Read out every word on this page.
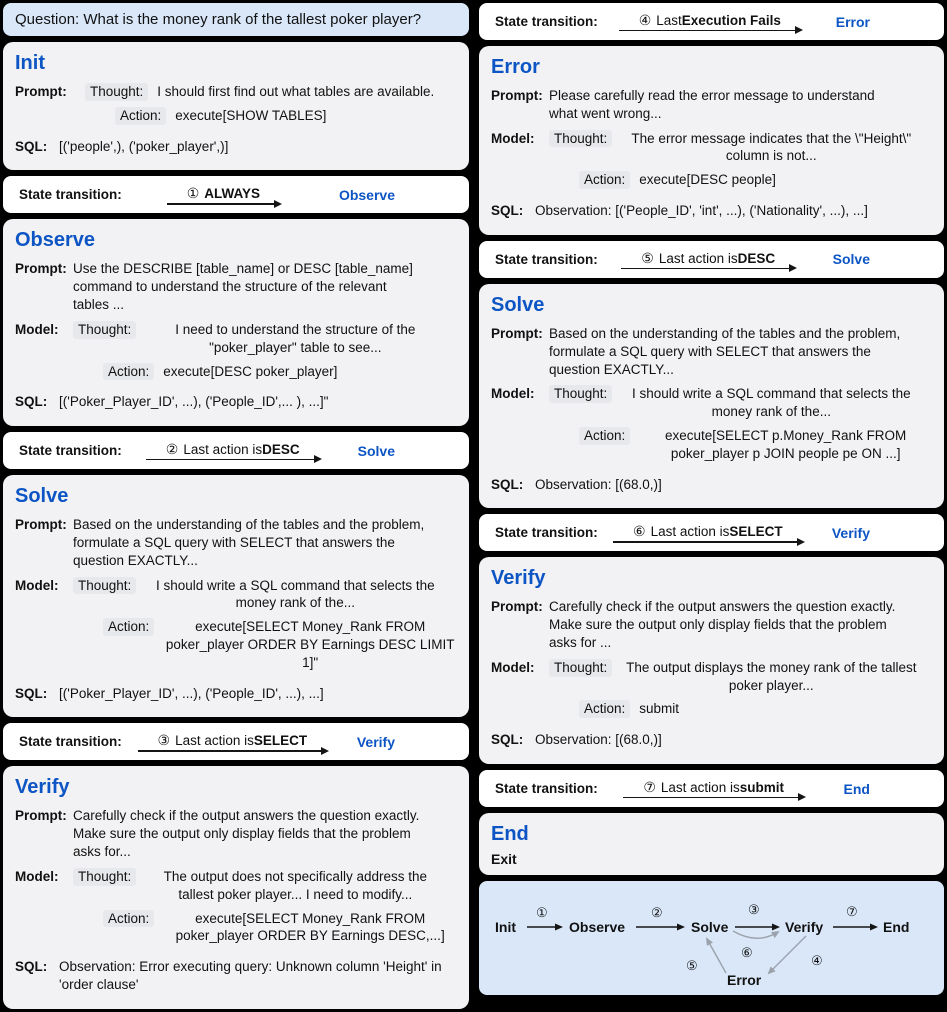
Question: What is the money rank of the tallest poker player?
Init
Prompt:	Thought:	I should first find out what tables are available.
Action:	execute[SHOW TABLES]
SQL: [('people',), ('poker_player',)]
State transition:	① ALWAYS	Observe
Observe
Prompt: Use the DESCRIBE [table_name] or DESC [table_name] command to understand the structure of the relevant tables ...
Model:	Thought:	I need to understand the structure of the "poker_player" table to see...
Action:	execute[DESC poker_player]
SQL: [('Poker_Player_ID', ...), ('People_ID',... ), ...]"
State transition:	② Last action is DESC	Solve
Solve
Prompt: Based on the understanding of the tables and the problem, formulate a SQL query with SELECT that answers the question EXACTLY...
Model:	Thought:	I should write a SQL command that selects the money rank of the...
Action:	execute[SELECT Money_Rank FROM poker_player ORDER BY Earnings DESC LIMIT 1]"
SQL: [('Poker_Player_ID', ...), ('People_ID', ...), ...]
State transition:	③ Last action is SELECT	Verify
Verify
Prompt: Carefully check if the output answers the question exactly. Make sure the output only display fields that the problem asks for...
Model:	Thought:	The output does not specifically address the tallest poker player... I need to modify...
Action:	execute[SELECT Money_Rank FROM poker_player ORDER BY Earnings DESC,...]
SQL: Observation: Error executing query: Unknown column 'Height' in 'order clause'
State transition:	④ Last Execution Fails	Error
Error
Prompt: Please carefully read the error message to understand what went wrong...
Model:	Thought:	The error message indicates that the \"Height\" column is not...
Action:	execute[DESC people]
SQL: Observation: [('People_ID', 'int', ...), ('Nationality', ...), ...]
State transition:	⑤ Last action is DESC	Solve
Solve
Prompt: Based on the understanding of the tables and the problem, formulate a SQL query with SELECT that answers the question EXACTLY...
Model:	Thought:	I should write a SQL command that selects the money rank of the...
Action:	execute[SELECT p.Money_Rank FROM poker_player p JOIN people pe ON ...]
SQL: Observation: [(68.0,)]
State transition:	⑥ Last action is SELECT	Verify
Verify
Prompt: Carefully check if the output answers the question exactly. Make sure the output only display fields that the problem asks for ...
Model:	Thought:	The output displays the money rank of the tallest poker player...
Action:	submit
SQL: Observation: [(68.0,)]
State transition:	⑦ Last action is submit	End
End
Exit
①	②	③	⑦
④
⑤
⑥
Init	Observe	Solve	Verify	End
Error
